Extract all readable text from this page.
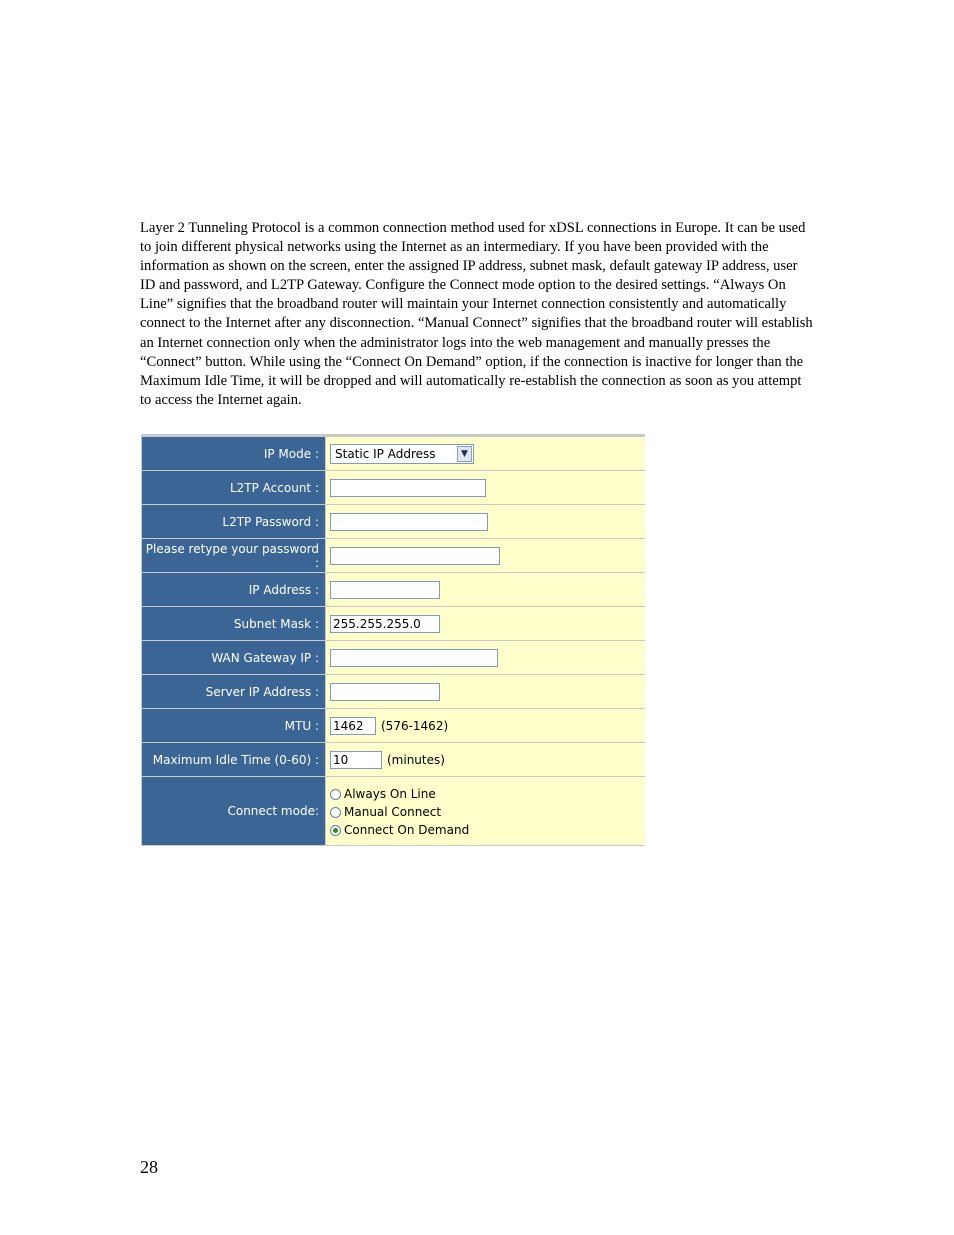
Layer 2 Tunneling Protocol is a common connection method used for xDSL connections in Europe. It can be used to join different physical networks using the Internet as an intermediary. If you have been provided with the information as shown on the screen, enter the assigned IP address, subnet mask, default gateway IP address, user ID and password, and L2TP Gateway. Configure the Connect mode option to the desired settings. “Always On Line” signifies that the broadband router will maintain your Internet connection consistently and automatically connect to the Internet after any disconnection. “Manual Connect” signifies that the broadband router will establish an Internet connection only when the administrator logs into the web management and manually presses the “Connect” button. While using the “Connect On Demand” option, if the connection is inactive for longer than the Maximum Idle Time, it will be dropped and will automatically re-establish the connection as soon as you attempt to access the Internet again.

IP Mode :	Static IP Address	▼
L2TP Account :
L2TP Password :
Please retype your password :
IP Address :
Subnet Mask :
255.255.255.0
WAN Gateway IP :
Server IP Address :
MTU :
1462	(576-1462)
Maximum Idle Time (0-60) :
10	(minutes)
Connect mode:
Always On Line
Manual Connect
Connect On Demand
28
